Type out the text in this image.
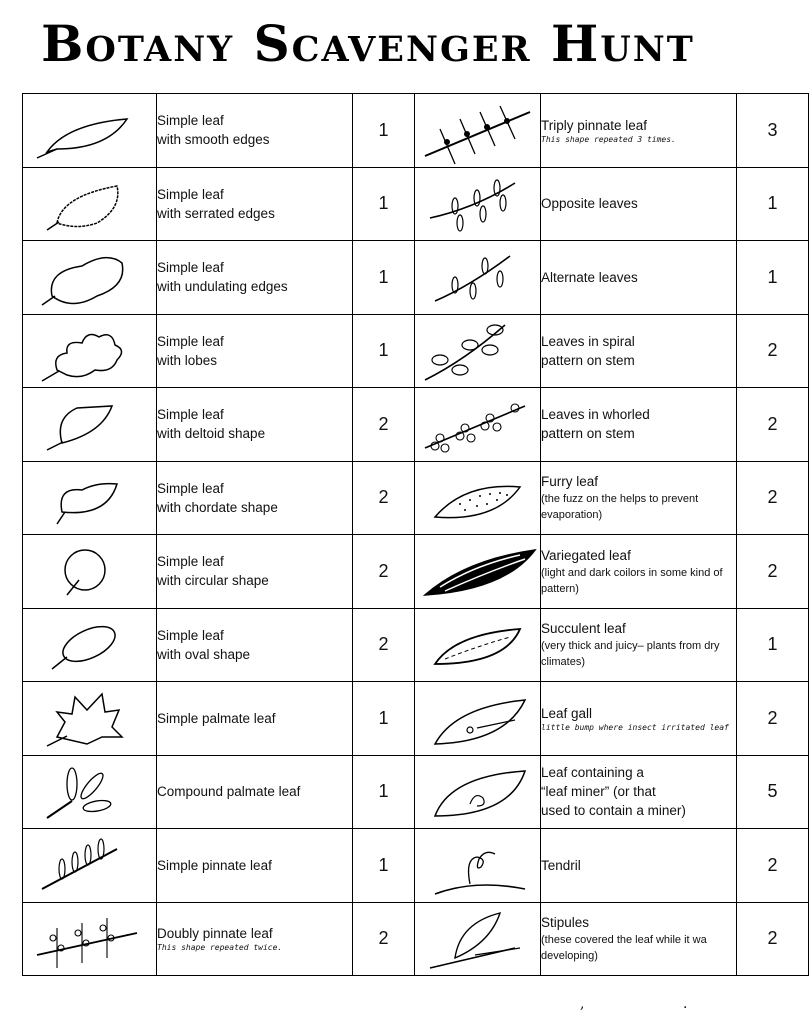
Botany Scavenger Hunt

Simple leaf
with smooth edges	1		Triply pinnate leaf
This shape repeated 3 times.	3

Simple leaf
with serrated edges	1		Opposite leaves	1

Simple leaf
with undulating edges	1		Alternate leaves	1

Simple leaf
with lobes	1		Leaves in spiral
pattern on stem	2

Simple leaf
with deltoid shape	2		Leaves in whorled
pattern on stem	2

Simple leaf
with chordate shape	2		Furry leaf
(the fuzz on the helps to prevent evaporation)	2

Simple leaf
with circular shape	2		Variegated leaf
(light and dark coilors in some kind of pattern)	2

Simple leaf
with oval shape	2		Succulent leaf
(very thick and juicy– plants from dry climates)	1

Simple palmate leaf	1		Leaf gall
little bump where insect irritated leaf	2

Compound palmate leaf	1		Leaf containing a
“leaf miner” (or that
used to contain a miner)	5

Simple pinnate leaf	1		Tendril	2

Doubly pinnate leaf
This shape repeated twice.	2		Stipules
(these covered the leaf while it wa developing)	2
,	·
